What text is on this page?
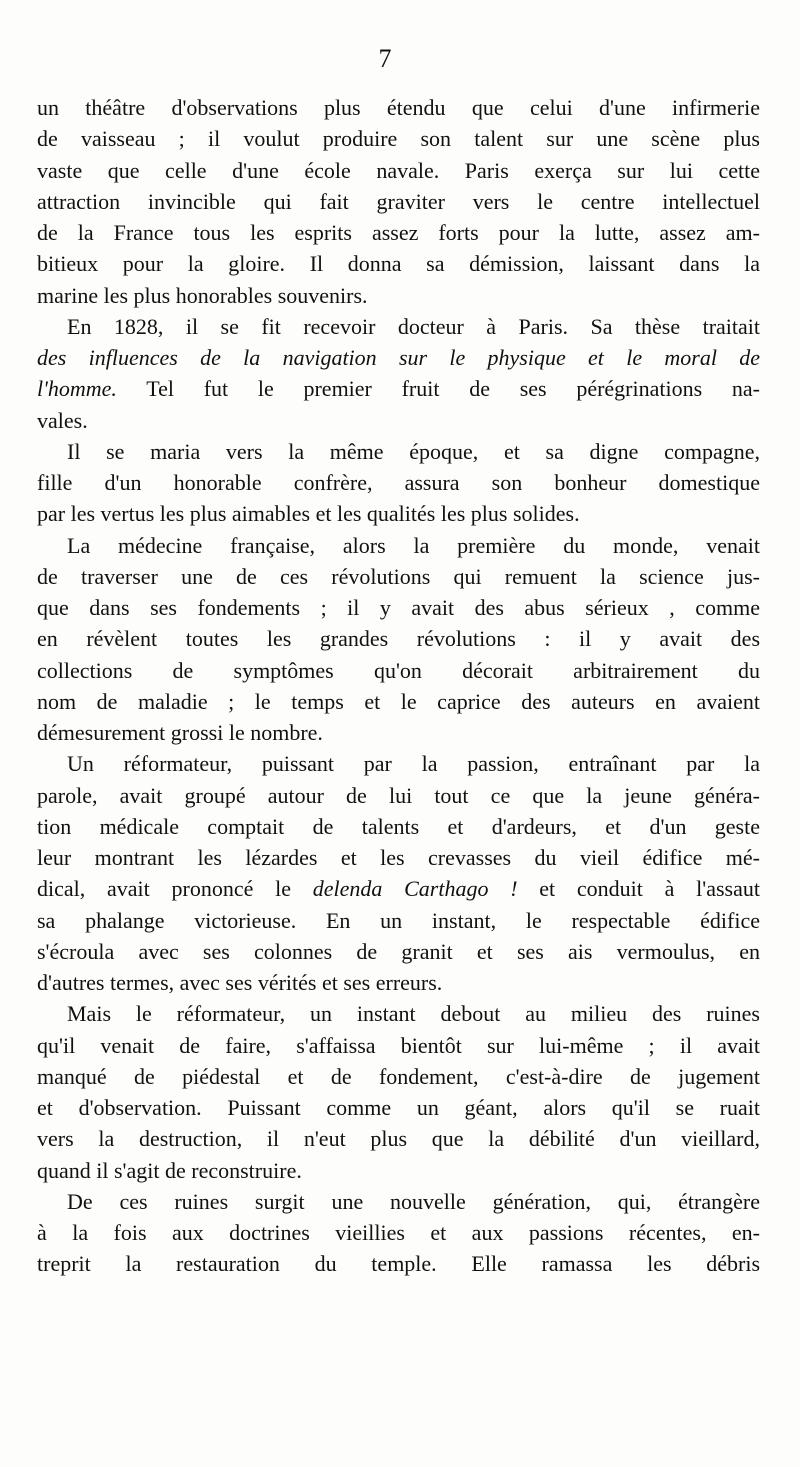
7
un théâtre d'observations plus étendu que celui d'une infirmerie
de vaisseau ; il voulut produire son talent sur une scène plus
vaste que celle d'une école navale. Paris exerça sur lui cette
attraction invincible qui fait graviter vers le centre intellectuel
de la France tous les esprits assez forts pour la lutte, assez am-
bitieux pour la gloire. Il donna sa démission, laissant dans la
marine les plus honorables souvenirs.
En 1828, il se fit recevoir docteur à Paris. Sa thèse traitait
des influences de la navigation sur le physique et le moral de
l'homme. Tel fut le premier fruit de ses pérégrinations na-
vales.
Il se maria vers la même époque, et sa digne compagne,
fille d'un honorable confrère, assura son bonheur domestique
par les vertus les plus aimables et les qualités les plus solides.
La médecine française, alors la première du monde, venait
de traverser une de ces révolutions qui remuent la science jus-
que dans ses fondements ; il y avait des abus sérieux , comme
en révèlent toutes les grandes révolutions : il y avait des
collections de symptômes qu'on décorait arbitrairement du
nom de maladie ; le temps et le caprice des auteurs en avaient
démesurement grossi le nombre.
Un réformateur, puissant par la passion, entraînant par la
parole, avait groupé autour de lui tout ce que la jeune généra-
tion médicale comptait de talents et d'ardeurs, et d'un geste
leur montrant les lézardes et les crevasses du vieil édifice mé-
dical, avait prononcé le delenda Carthago ! et conduit à l'assaut
sa phalange victorieuse. En un instant, le respectable édifice
s'écroula avec ses colonnes de granit et ses ais vermoulus, en
d'autres termes, avec ses vérités et ses erreurs.
Mais le réformateur, un instant debout au milieu des ruines
qu'il venait de faire, s'affaissa bientôt sur lui-même ; il avait
manqué de piédestal et de fondement, c'est-à-dire de jugement
et d'observation. Puissant comme un géant, alors qu'il se ruait
vers la destruction, il n'eut plus que la débilité d'un vieillard,
quand il s'agit de reconstruire.
De ces ruines surgit une nouvelle génération, qui, étrangère
à la fois aux doctrines vieillies et aux passions récentes, en-
treprit la restauration du temple. Elle ramassa les débris
